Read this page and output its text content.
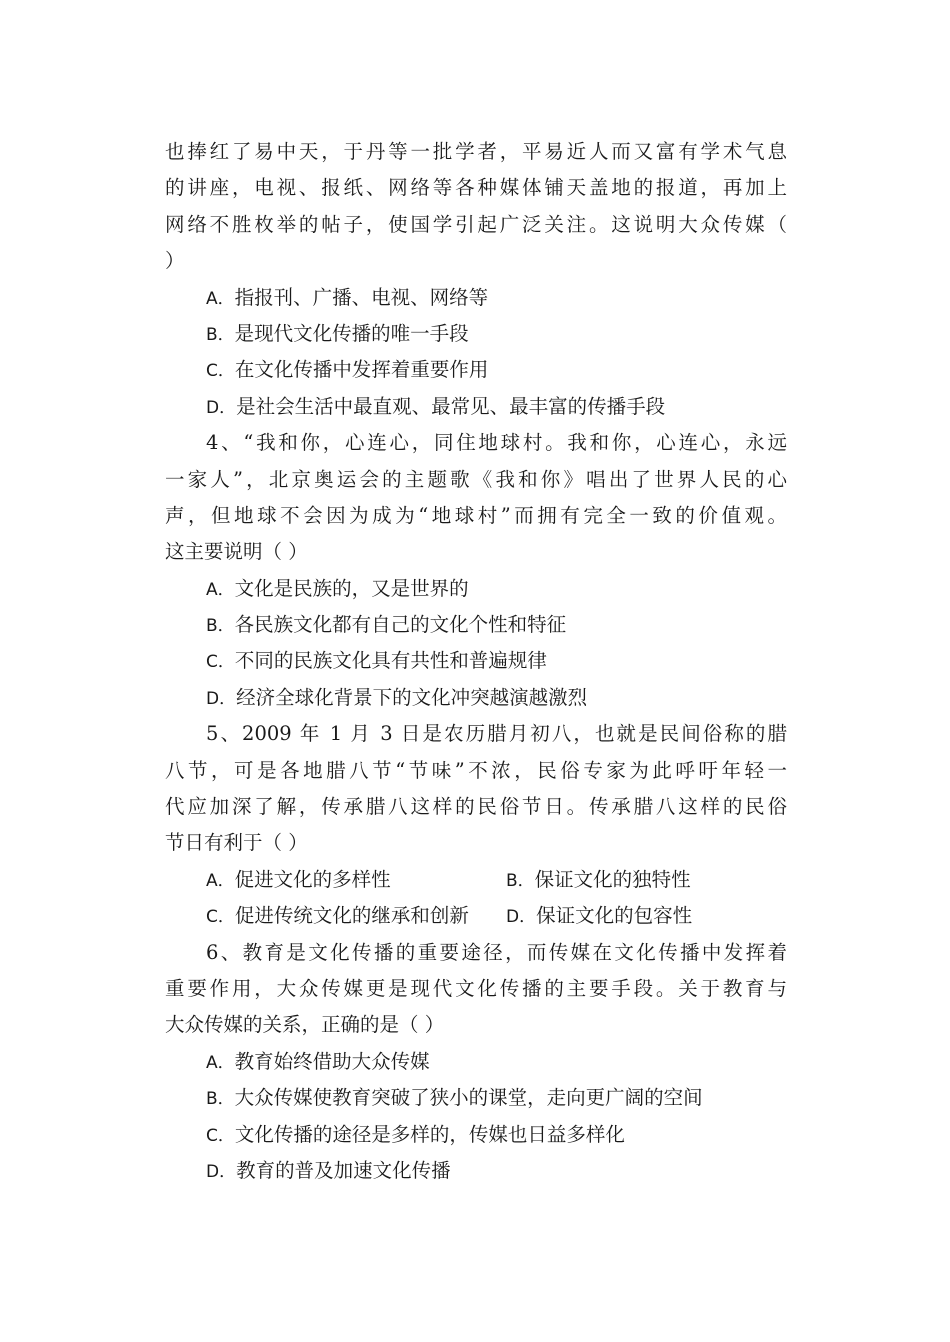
也捧红了易中天，于丹等一批学者，平易近人而又富有学术气息
的讲座，电视、报纸、网络等各种媒体铺天盖地的报道，再加上
网络不胜枚举的帖子，使国学引起广泛关注。这说明大众传媒（
）
A．指报刊、广播、电视、网络等
B．是现代文化传播的唯一手段
C．在文化传播中发挥着重要作用
D．是社会生活中最直观、最常见、最丰富的传播手段
4、“我和你，心连心，同住地球村。我和你，心连心，永远
一家人”，北京奥运会的主题歌《我和你》唱出了世界人民的心
声，但地球不会因为成为“地球村”而拥有完全一致的价值观。
这主要说明（ ）
A．文化是民族的，又是世界的
B．各民族文化都有自己的文化个性和特征
C．不同的民族文化具有共性和普遍规律
D．经济全球化背景下的文化冲突越演越激烈
5、2009 年 1 月 3 日是农历腊月初八，也就是民间俗称的腊
八节，可是各地腊八节“节味”不浓，民俗专家为此呼吁年轻一
代应加深了解，传承腊八这样的民俗节日。传承腊八这样的民俗
节日有利于（ ）
A．促进文化的多样性	B．保证文化的独特性
C．促进传统文化的继承和创新	D．保证文化的包容性
6、教育是文化传播的重要途径，而传媒在文化传播中发挥着
重要作用，大众传媒更是现代文化传播的主要手段。关于教育与
大众传媒的关系，正确的是（ ）
A．教育始终借助大众传媒
B．大众传媒使教育突破了狭小的课堂，走向更广阔的空间
C．文化传播的途径是多样的，传媒也日益多样化
D．教育的普及加速文化传播
